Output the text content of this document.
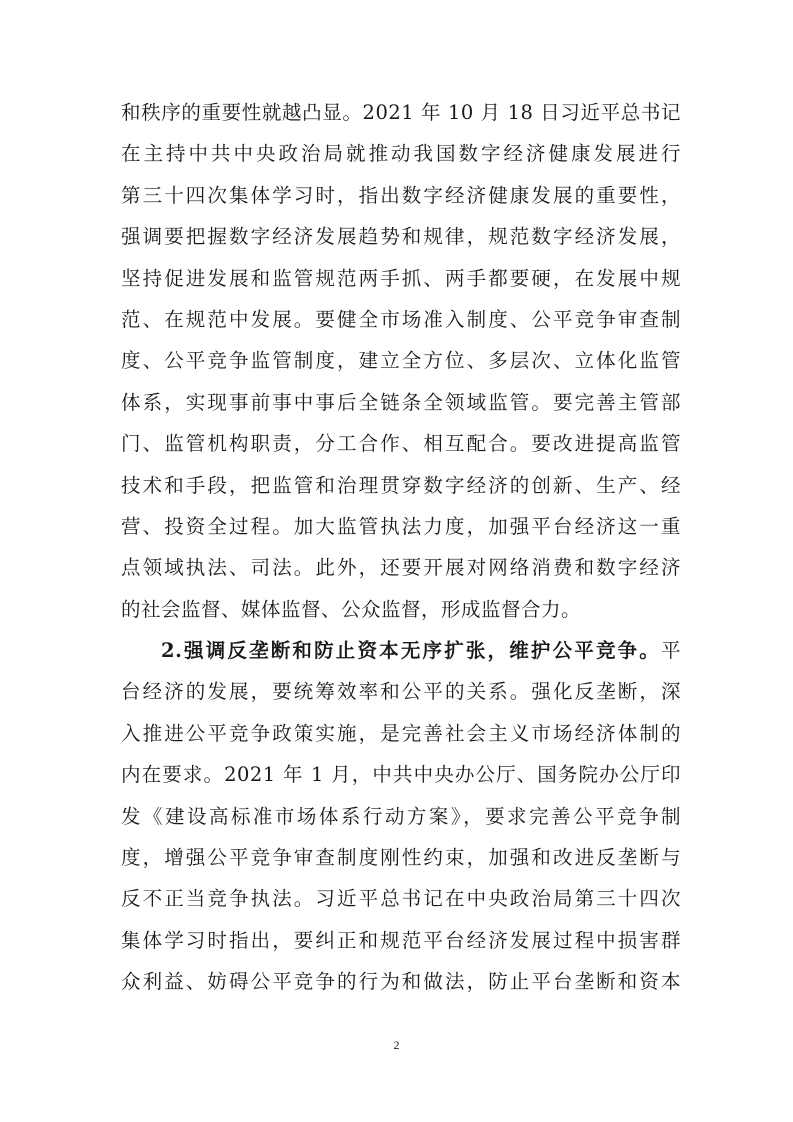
和秩序的重要性就越凸显。2021 年 10 月 18 日习近平总书记
在主持中共中央政治局就推动我国数字经济健康发展进行
第三十四次集体学习时，指出数字经济健康发展的重要性，
强调要把握数字经济发展趋势和规律，规范数字经济发展，
坚持促进发展和监管规范两手抓、两手都要硬，在发展中规
范、在规范中发展。要健全市场准入制度、公平竞争审查制
度、公平竞争监管制度，建立全方位、多层次、立体化监管
体系，实现事前事中事后全链条全领域监管。要完善主管部
门、监管机构职责，分工合作、相互配合。要改进提高监管
技术和手段，把监管和治理贯穿数字经济的创新、生产、经
营、投资全过程。加大监管执法力度，加强平台经济这一重
点领域执法、司法。此外，还要开展对网络消费和数字经济
的社会监督、媒体监督、公众监督，形成监督合力。
2.强调反垄断和防止资本无序扩张，维护公平竞争。平
台经济的发展，要统筹效率和公平的关系。强化反垄断，深
入推进公平竞争政策实施，是完善社会主义市场经济体制的
内在要求。2021 年 1 月，中共中央办公厅、国务院办公厅印
发《建设高标准市场体系行动方案》，要求完善公平竞争制
度，增强公平竞争审查制度刚性约束，加强和改进反垄断与
反不正当竞争执法。习近平总书记在中央政治局第三十四次
集体学习时指出，要纠正和规范平台经济发展过程中损害群
众利益、妨碍公平竞争的行为和做法，防止平台垄断和资本
2
